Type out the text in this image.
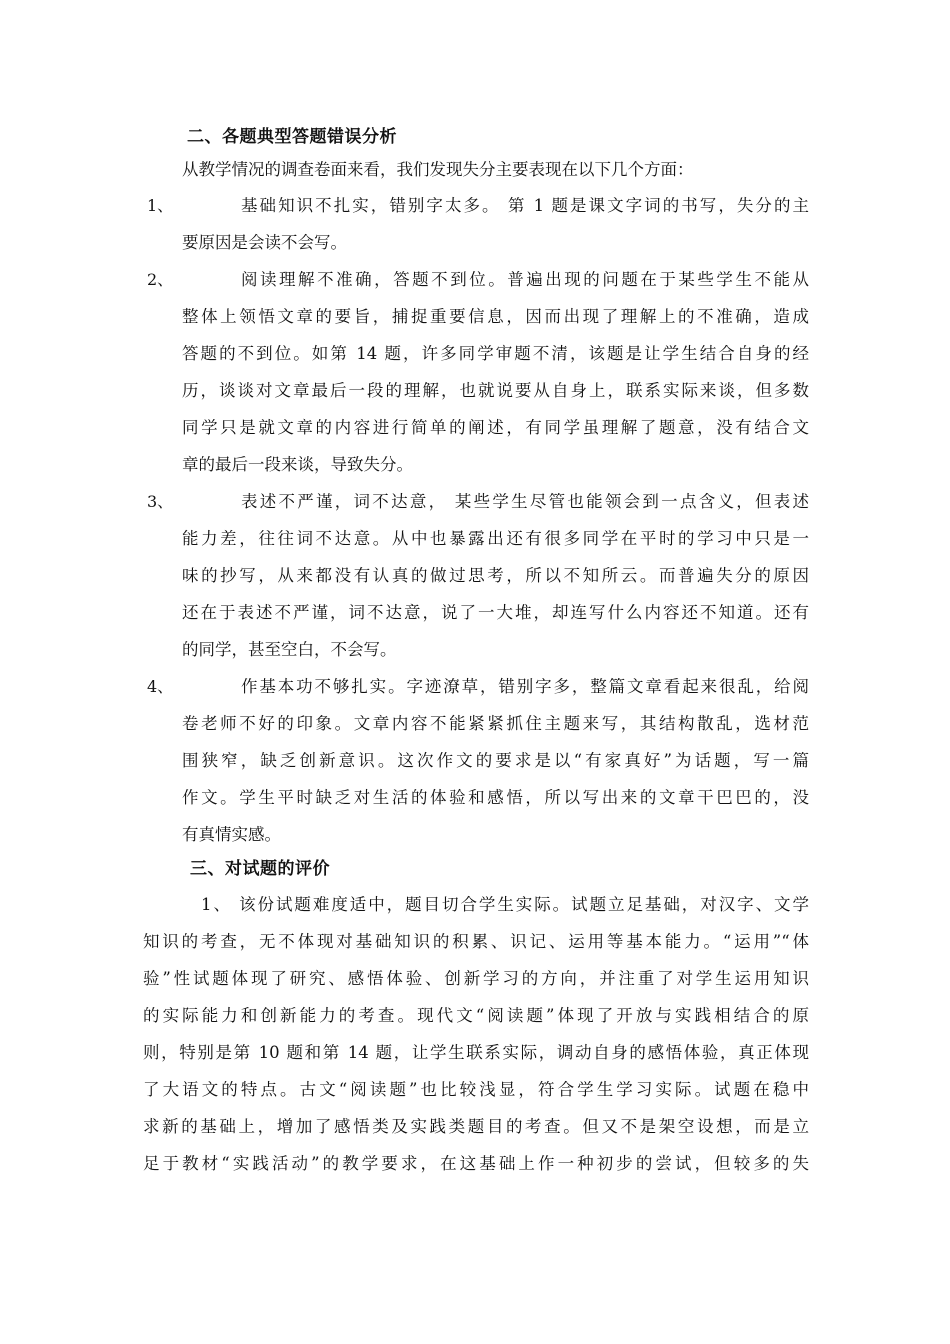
二、各题典型答题错误分析
从教学情况的调查卷面来看，我们发现失分主要表现在以下几个方面：
1、	基础知识不扎实，错别字太多。 第 1 题是课文字词的书写，失分的主
要原因是会读不会写。
2、	阅读理解不准确，答题不到位。普遍出现的问题在于某些学生不能从
整体上领悟文章的要旨，捕捉重要信息，因而出现了理解上的不准确，造成
答题的不到位。如第 14 题，许多同学审题不清，该题是让学生结合自身的经
历，谈谈对文章最后一段的理解，也就说要从自身上，联系实际来谈，但多数
同学只是就文章的内容进行简单的阐述，有同学虽理解了题意，没有结合文
章的最后一段来谈，导致失分。
3、	表述不严谨，词不达意， 某些学生尽管也能领会到一点含义，但表述
能力差，往往词不达意。从中也暴露出还有很多同学在平时的学习中只是一
味的抄写，从来都没有认真的做过思考，所以不知所云。而普遍失分的原因
还在于表述不严谨，词不达意，说了一大堆，却连写什么内容还不知道。还有
的同学，甚至空白，不会写。
4、	作基本功不够扎实。字迹潦草，错别字多，整篇文章看起来很乱，给阅
卷老师不好的印象。文章内容不能紧紧抓住主题来写，其结构散乱，选材范
围狭窄，缺乏创新意识。这次作文的要求是以“有家真好”为话题，写一篇
作文。学生平时缺乏对生活的体验和感悟，所以写出来的文章干巴巴的，没
有真情实感。
三、对试题的评价
1、 该份试题难度适中，题目切合学生实际。试题立足基础，对汉字、文学
知识的考查，无不体现对基础知识的积累、识记、运用等基本能力。“运用”“体
验”性试题体现了研究、感悟体验、创新学习的方向，并注重了对学生运用知识
的实际能力和创新能力的考查。现代文“阅读题”体现了开放与实践相结合的原
则，特别是第 10 题和第 14 题，让学生联系实际，调动自身的感悟体验，真正体现
了大语文的特点。古文“阅读题”也比较浅显，符合学生学习实际。试题在稳中
求新的基础上，增加了感悟类及实践类题目的考查。但又不是架空设想，而是立
足于教材“实践活动”的教学要求，在这基础上作一种初步的尝试，但较多的失
